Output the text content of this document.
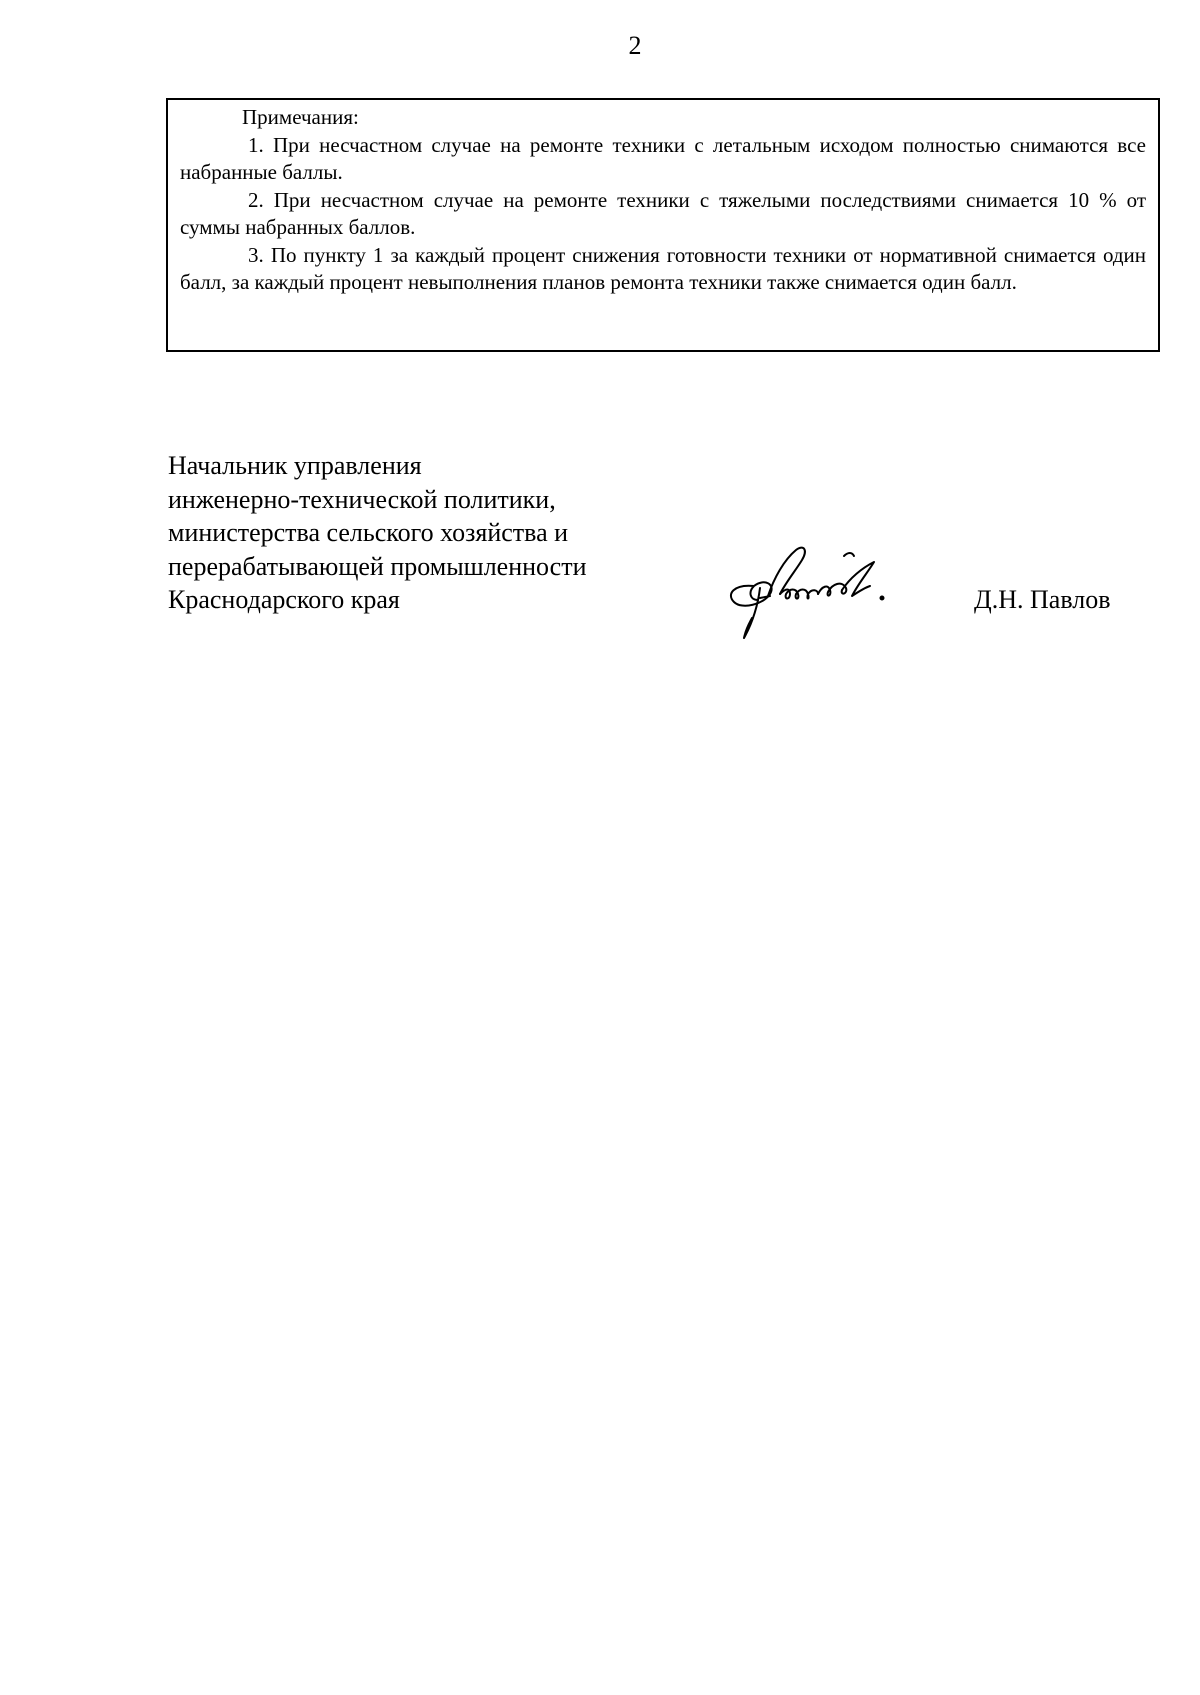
2
Примечания:

1. При несчастном случае на ремонте техники с летальным исходом полностью снимаются все набранные баллы.

2. При несчастном случае на ремонте техники с тяжелыми последствиями снимается 10 % от суммы набранных баллов.

3. По пункту 1 за каждый процент снижения готовности техники от нормативной снимается один балл, за каждый процент невыполнения планов ремонта техники также снимается один балл.

Начальник управления
инженерно-технической политики,
министерства сельского хозяйства и
перерабатывающей промышленности
Краснодарского края	Д.Н. Павлов
